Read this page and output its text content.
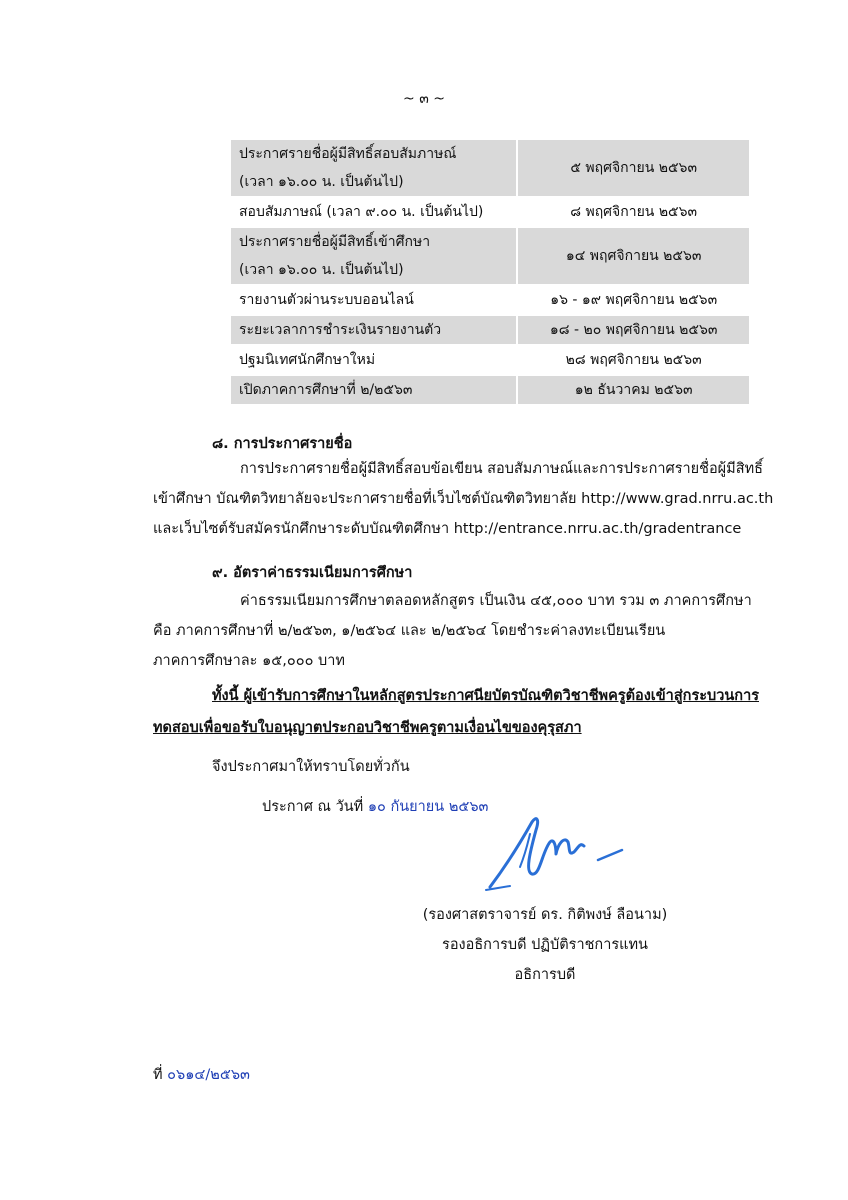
~ ๓ ~
ประกาศรายชื่อผู้มีสิทธิ์สอบสัมภาษณ์
(เวลา ๑๖.๐๐ น. เป็นต้นไป)	๕ พฤศจิกายน ๒๕๖๓
สอบสัมภาษณ์ (เวลา ๙.๐๐ น. เป็นต้นไป)	๘ พฤศจิกายน ๒๕๖๓

ประกาศรายชื่อผู้มีสิทธิ์เข้าศึกษา
(เวลา ๑๖.๐๐ น. เป็นต้นไป)	๑๔ พฤศจิกายน ๒๕๖๓
รายงานตัวผ่านระบบออนไลน์	๑๖ - ๑๙ พฤศจิกายน ๒๕๖๓
ระยะเวลาการชำระเงินรายงานตัว	๑๘ - ๒๐ พฤศจิกายน ๒๕๖๓
ปฐมนิเทศนักศึกษาใหม่	๒๘ พฤศจิกายน ๒๕๖๓
เปิดภาคการศึกษาที่ ๒/๒๕๖๓	๑๒ ธันวาคม ๒๕๖๓
๘. การประกาศรายชื่อ
การประกาศรายชื่อผู้มีสิทธิ์สอบข้อเขียน สอบสัมภาษณ์และการประกาศรายชื่อผู้มีสิทธิ์
เข้าศึกษา บัณฑิตวิทยาลัยจะประกาศรายชื่อที่เว็บไซต์บัณฑิตวิทยาลัย http://www.grad.nrru.ac.th
และเว็บไซต์รับสมัครนักศึกษาระดับบัณฑิตศึกษา http://entrance.nrru.ac.th/gradentrance
๙. อัตราค่าธรรมเนียมการศึกษา
ค่าธรรมเนียมการศึกษาตลอดหลักสูตร เป็นเงิน ๔๕,๐๐๐ บาท รวม ๓ ภาคการศึกษา
คือ ภาคการศึกษาที่ ๒/๒๕๖๓, ๑/๒๕๖๔ และ ๒/๒๕๖๔ โดยชำระค่าลงทะเบียนเรียน
ภาคการศึกษาละ ๑๕,๐๐๐ บาท
ทั้งนี้ ผู้เข้ารับการศึกษาในหลักสูตรประกาศนียบัตรบัณฑิตวิชาชีพครูต้องเข้าสู่กระบวนการ
ทดสอบเพื่อขอรับใบอนุญาตประกอบวิชาชีพครูตามเงื่อนไขของคุรุสภา
จึงประกาศมาให้ทราบโดยทั่วกัน
ประกาศ ณ วันที่ ๑๐ กันยายน ๒๕๖๓
(รองศาสตราจารย์ ดร. กิติพงษ์ ลือนาม)
รองอธิการบดี ปฏิบัติราชการแทน
อธิการบดี
ที่ ๐๖๑๔/๒๕๖๓
